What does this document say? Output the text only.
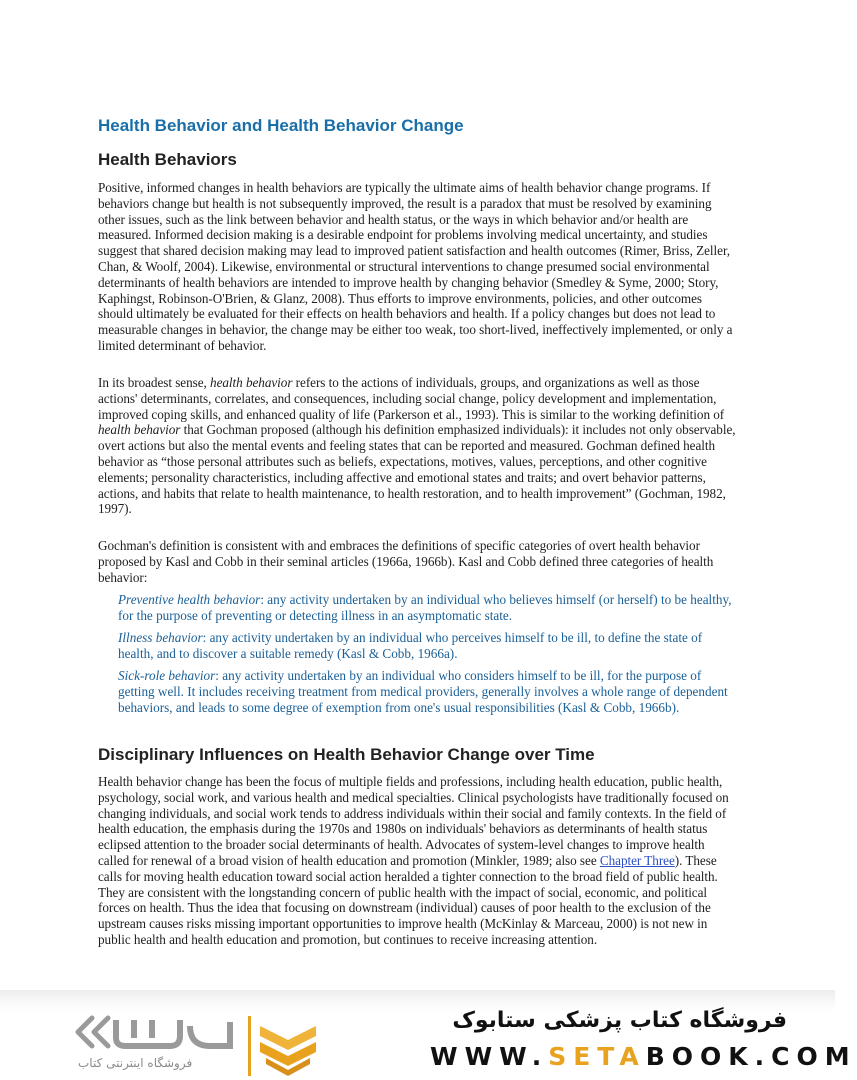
Health Behavior and Health Behavior Change
Health Behaviors

Positive, informed changes in health behaviors are typically the ultimate aims of health behavior change programs. If behaviors change but health is not subsequently improved, the result is a paradox that must be resolved by examining other issues, such as the link between behavior and health status, or the ways in which behavior and/or health are measured. Informed decision making is a desirable endpoint for problems involving medical uncertainty, and studies suggest that shared decision making may lead to improved patient satisfaction and health outcomes (Rimer, Briss, Zeller, Chan, & Woolf, 2004). Likewise, environmental or structural interventions to change presumed social environmental determinants of health behaviors are intended to improve health by changing behavior (Smedley & Syme, 2000; Story, Kaphingst, Robinson-O'Brien, & Glanz, 2008). Thus efforts to improve environments, policies, and other outcomes should ultimately be evaluated for their effects on health behaviors and health. If a policy changes but does not lead to measurable changes in behavior, the change may be either too weak, too short-lived, ineffectively implemented, or only a limited determinant of behavior.

In its broadest sense, health behavior refers to the actions of individuals, groups, and organizations as well as those actions' determinants, correlates, and consequences, including social change, policy development and implementation, improved coping skills, and enhanced quality of life (Parkerson et al., 1993). This is similar to the working definition of health behavior that Gochman proposed (although his definition emphasized individuals): it includes not only observable, overt actions but also the mental events and feeling states that can be reported and measured. Gochman defined health behavior as “those personal attributes such as beliefs, expectations, motives, values, perceptions, and other cognitive elements; personality characteristics, including affective and emotional states and traits; and overt behavior patterns, actions, and habits that relate to health maintenance, to health restoration, and to health improvement” (Gochman, 1982, 1997).

Gochman's definition is consistent with and embraces the definitions of specific categories of overt health behavior proposed by Kasl and Cobb in their seminal articles (1966a, 1966b). Kasl and Cobb defined three categories of health behavior:

Preventive health behavior: any activity undertaken by an individual who believes himself (or herself) to be healthy, for the purpose of preventing or detecting illness in an asymptomatic state.

Illness behavior: any activity undertaken by an individual who perceives himself to be ill, to define the state of health, and to discover a suitable remedy (Kasl & Cobb, 1966a).

Sick-role behavior: any activity undertaken by an individual who considers himself to be ill, for the purpose of getting well. It includes receiving treatment from medical providers, generally involves a whole range of dependent behaviors, and leads to some degree of exemption from one's usual responsibilities (Kasl & Cobb, 1966b).

Disciplinary Influences on Health Behavior Change over Time

Health behavior change has been the focus of multiple fields and professions, including health education, public health, psychology, social work, and various health and medical specialties. Clinical psychologists have traditionally focused on changing individuals, and social work tends to address individuals within their social and family contexts. In the field of health education, the emphasis during the 1970s and 1980s on individuals' behaviors as determinants of health status eclipsed attention to the broader social determinants of health. Advocates of system-level changes to improve health called for renewal of a broad vision of health education and promotion (Minkler, 1989; also see Chapter Three). These calls for moving health education toward social action heralded a tighter connection to the broad field of public health. They are consistent with the longstanding concern of public health with the impact of social, economic, and political forces on health. Thus the idea that focusing on downstream (individual) causes of poor health to the exclusion of the upstream causes risks missing important opportunities to improve health (McKinlay & Marceau, 2000) is not new in public health and health education and promotion, but continues to receive increasing attention.

فروشگاه اینترنتی کتاب
فروشگاه کتاب پزشکی ستابوک
WWW.SETABOOK.COM
